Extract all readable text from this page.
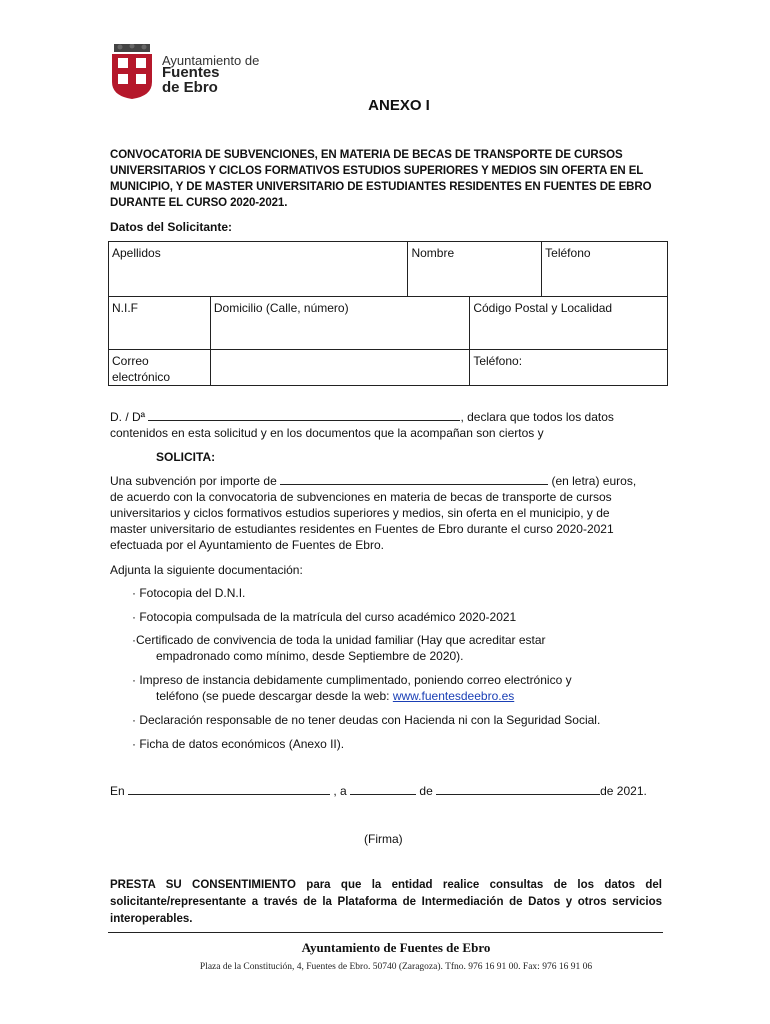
Ayuntamiento de
Fuentes
de Ebro
ANEXO I
CONVOCATORIA DE SUBVENCIONES, EN MATERIA DE BECAS DE TRANSPORTE DE CURSOS UNIVERSITARIOS Y CICLOS FORMATIVOS ESTUDIOS SUPERIORES Y MEDIOS SIN OFERTA EN EL MUNICIPIO, Y DE MASTER UNIVERSITARIO DE ESTUDIANTES RESIDENTES EN FUENTES DE EBRO DURANTE EL CURSO 2020-2021.
Datos del Solicitante:
Apellidos		Nombre		Teléfono
N.I.F	Domicilio (Calle, número)		Código Postal y Localidad	

Correo
electrónico			Teléfono:	
D. / Dª	, declara que todos los datos
contenidos en esta solicitud y en los documentos que la acompañan son ciertos y
SOLICITA:
Una subvención por importe de	(en letra) euros,
de acuerdo con la convocatoria de subvenciones en materia de becas de transporte de cursos
universitarios y ciclos formativos estudios superiores y medios, sin oferta en el municipio, y de
master universitario de estudiantes residentes en Fuentes de Ebro durante el curso 2020-2021
efectuada por el Ayuntamiento de Fuentes de Ebro.
Adjunta la siguiente documentación:
· Fotocopia del D.N.I.
· Fotocopia compulsada de la matrícula del curso académico 2020-2021
·Certificado de convivencia de toda la unidad familiar (Hay que acreditar estar
empadronado como mínimo, desde Septiembre de 2020).
· Impreso de instancia debidamente cumplimentado, poniendo correo electrónico y
teléfono (se puede descargar desde la web: www.fuentesdeebro.es
· Declaración responsable de no tener deudas con Hacienda ni con la Seguridad Social.
· Ficha de datos económicos (Anexo II).
En	, a	de	de 2021.
(Firma)
PRESTA SU CONSENTIMIENTO para que la entidad realice consultas de los datos del solicitante/representante a través de la Plataforma de Intermediación de Datos y otros servicios interoperables.
Ayuntamiento de Fuentes de Ebro
Plaza de la Constitución, 4, Fuentes de Ebro. 50740 (Zaragoza). Tfno. 976 16 91 00. Fax: 976 16 91 06
